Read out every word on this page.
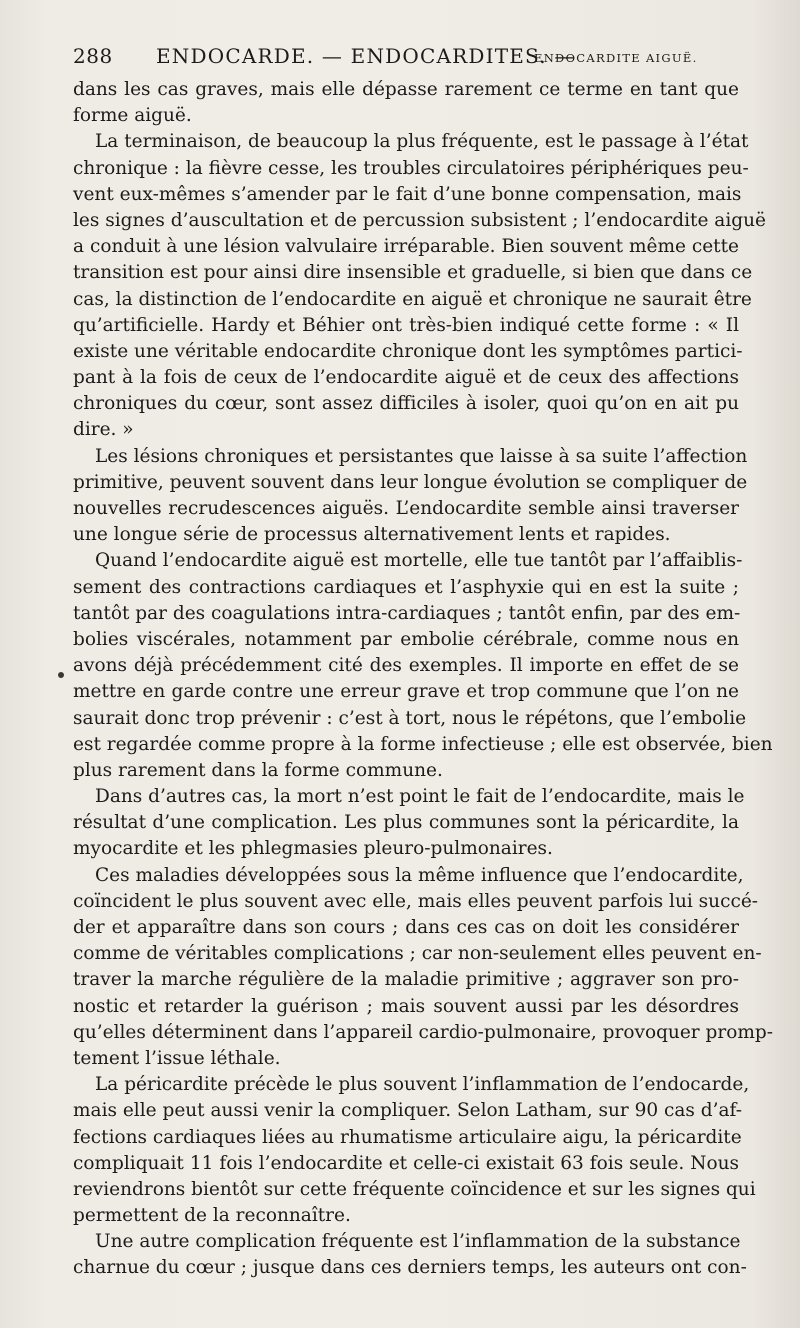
288 ENDOCARDE. — ENDOCARDITES. —
ENDOCARDITE AIGUË.
dans les cas graves, mais elle dépasse rarement ce terme en tant que
forme aiguë.
La terminaison, de beaucoup la plus fréquente, est le passage à l’état
chronique : la fièvre cesse, les troubles circulatoires périphériques peu-
vent eux-mêmes s’amender par le fait d’une bonne compensation, mais
les signes d’auscultation et de percussion subsistent ; l’endocardite aiguë
a conduit à une lésion valvulaire irréparable. Bien souvent même cette
transition est pour ainsi dire insensible et graduelle, si bien que dans ce
cas, la distinction de l’endocardite en aiguë et chronique ne saurait être
qu’artificielle. Hardy et Béhier ont très-bien indiqué cette forme : « Il
existe une véritable endocardite chronique dont les symptômes partici-
pant à la fois de ceux de l’endocardite aiguë et de ceux des affections
chroniques du cœur, sont assez difficiles à isoler, quoi qu’on en ait pu
dire. »
Les lésions chroniques et persistantes que laisse à sa suite l’affection
primitive, peuvent souvent dans leur longue évolution se compliquer de
nouvelles recrudescences aiguës. L’endocardite semble ainsi traverser
une longue série de processus alternativement lents et rapides.
Quand l’endocardite aiguë est mortelle, elle tue tantôt par l’affaiblis-
sement des contractions cardiaques et l’asphyxie qui en est la suite ;
tantôt par des coagulations intra-cardiaques ; tantôt enfin, par des em-
bolies viscérales, notamment par embolie cérébrale, comme nous en
avons déjà précédemment cité des exemples. Il importe en effet de se
mettre en garde contre une erreur grave et trop commune que l’on ne
saurait donc trop prévenir : c’est à tort, nous le répétons, que l’embolie
est regardée comme propre à la forme infectieuse ; elle est observée, bien
plus rarement dans la forme commune.
Dans d’autres cas, la mort n’est point le fait de l’endocardite, mais le
résultat d’une complication. Les plus communes sont la péricardite, la
myocardite et les phlegmasies pleuro-pulmonaires.
Ces maladies développées sous la même influence que l’endocardite,
coïncident le plus souvent avec elle, mais elles peuvent parfois lui succé-
der et apparaître dans son cours ; dans ces cas on doit les considérer
comme de véritables complications ; car non-seulement elles peuvent en-
traver la marche régulière de la maladie primitive ; aggraver son pro-
nostic et retarder la guérison ; mais souvent aussi par les désordres
qu’elles déterminent dans l’appareil cardio-pulmonaire, provoquer promp-
tement l’issue léthale.
La péricardite précède le plus souvent l’inflammation de l’endocarde,
mais elle peut aussi venir la compliquer. Selon Latham, sur 90 cas d’af-
fections cardiaques liées au rhumatisme articulaire aigu, la péricardite
compliquait 11 fois l’endocardite et celle-ci existait 63 fois seule. Nous
reviendrons bientôt sur cette fréquente coïncidence et sur les signes qui
permettent de la reconnaître.
Une autre complication fréquente est l’inflammation de la substance
charnue du cœur ; jusque dans ces derniers temps, les auteurs ont con-
